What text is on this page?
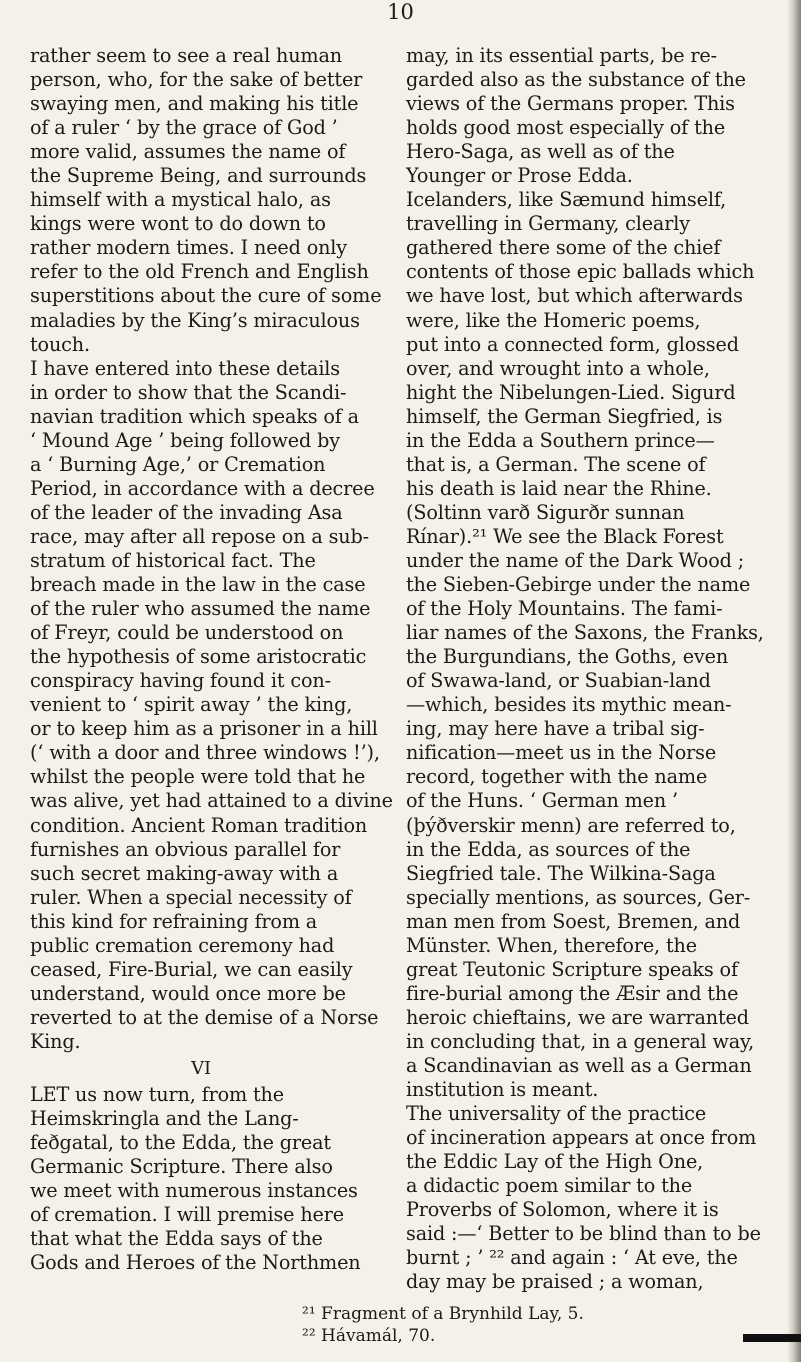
10
rather seem to see a real human
person, who, for the sake of better
swaying men, and making his title
of a ruler ‘ by the grace of God ’
more valid, assumes the name of
the Supreme Being, and surrounds
himself with a mystical halo, as
kings were wont to do down to
rather modern times. I need only
refer to the old French and English
superstitions about the cure of some
maladies by the King’s miraculous
touch.
I have entered into these details
in order to show that the Scandi-
navian tradition which speaks of a
‘ Mound Age ’ being followed by
a ‘ Burning Age,’ or Cremation
Period, in accordance with a decree
of the leader of the invading Asa
race, may after all repose on a sub-
stratum of historical fact. The
breach made in the law in the case
of the ruler who assumed the name
of Freyr, could be understood on
the hypothesis of some aristocratic
conspiracy having found it con-
venient to ‘ spirit away ’ the king,
or to keep him as a prisoner in a hill
(‘ with a door and three windows !’),
whilst the people were told that he
was alive, yet had attained to a divine
condition. Ancient Roman tradition
furnishes an obvious parallel for
such secret making-away with a
ruler. When a special necessity of
this kind for refraining from a
public cremation ceremony had
ceased, Fire-Burial, we can easily
understand, would once more be
reverted to at the demise of a Norse
King.
VI
LET us now turn, from the
Heimskringla and the Lang-
feðgatal, to the Edda, the great
Germanic Scripture. There also
we meet with numerous instances
of cremation. I will premise here
that what the Edda says of the
Gods and Heroes of the Northmen
may, in its essential parts, be re-
garded also as the substance of the
views of the Germans proper. This
holds good most especially of the
Hero-Saga, as well as of the
Younger or Prose Edda.
Icelanders, like Sæmund himself,
travelling in Germany, clearly
gathered there some of the chief
contents of those epic ballads which
we have lost, but which afterwards
were, like the Homeric poems,
put into a connected form, glossed
over, and wrought into a whole,
hight the Nibelungen-Lied. Sigurd
himself, the German Siegfried, is
in the Edda a Southern prince—
that is, a German. The scene of
his death is laid near the Rhine.
(Soltinn varð Sigurðr sunnan
Rínar).²¹ We see the Black Forest
under the name of the Dark Wood ;
the Sieben-Gebirge under the name
of the Holy Mountains. The fami-
liar names of the Saxons, the Franks,
the Burgundians, the Goths, even
of Swawa-land, or Suabian-land
—which, besides its mythic mean-
ing, may here have a tribal sig-
nification—meet us in the Norse
record, together with the name
of the Huns. ‘ German men ’
(þýðverskir menn) are referred to,
in the Edda, as sources of the
Siegfried tale. The Wilkina-Saga
specially mentions, as sources, Ger-
man men from Soest, Bremen, and
Münster. When, therefore, the
great Teutonic Scripture speaks of
fire-burial among the Æsir and the
heroic chieftains, we are warranted
in concluding that, in a general way,
a Scandinavian as well as a German
institution is meant.
The universality of the practice
of incineration appears at once from
the Eddic Lay of the High One,
a didactic poem similar to the
Proverbs of Solomon, where it is
said :—‘ Better to be blind than to be
burnt ; ’ ²² and again : ‘ At eve, the
day may be praised ; a woman,
²¹ Fragment of a Brynhild Lay, 5.
²² Hávamál, 70.
